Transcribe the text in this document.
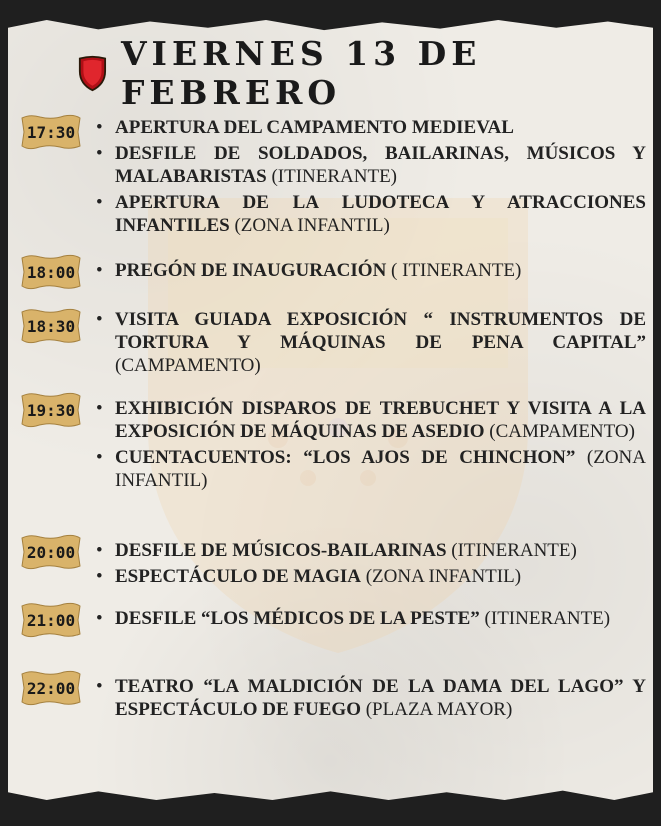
VIERNES 13 DE FEBRERO
17:30	• APERTURA DEL CAMPAMENTO MEDIEVAL
• DESFILE DE SOLDADOS, BAILARINAS, MÚSICOS Y MALABARISTAS (ITINERANTE)
• APERTURA DE LA LUDOTECA Y ATRACCIONES INFANTILES (ZONA INFANTIL)
18:00	• PREGÓN DE INAUGURACIÓN ( ITINERANTE)
18:30	• VISITA GUIADA EXPOSICIÓN “ INSTRUMENTOS DE TORTURA Y MÁQUINAS DE PENA CAPITAL” (CAMPAMENTO)
19:30	• EXHIBICIÓN DISPAROS DE TREBUCHET Y VISITA A LA EXPOSICIÓN DE MÁQUINAS DE ASEDIO (CAMPAMENTO)
• CUENTACUENTOS: “LOS AJOS DE CHINCHON” (ZONA INFANTIL)
20:00	• DESFILE DE MÚSICOS-BAILARINAS (ITINERANTE)
• ESPECTÁCULO DE MAGIA (ZONA INFANTIL)
21:00	• DESFILE “LOS MÉDICOS DE LA PESTE” (ITINERANTE)
22:00	• TEATRO “LA MALDICIÓN DE LA DAMA DEL LAGO” Y ESPECTÁCULO DE FUEGO (PLAZA MAYOR)
